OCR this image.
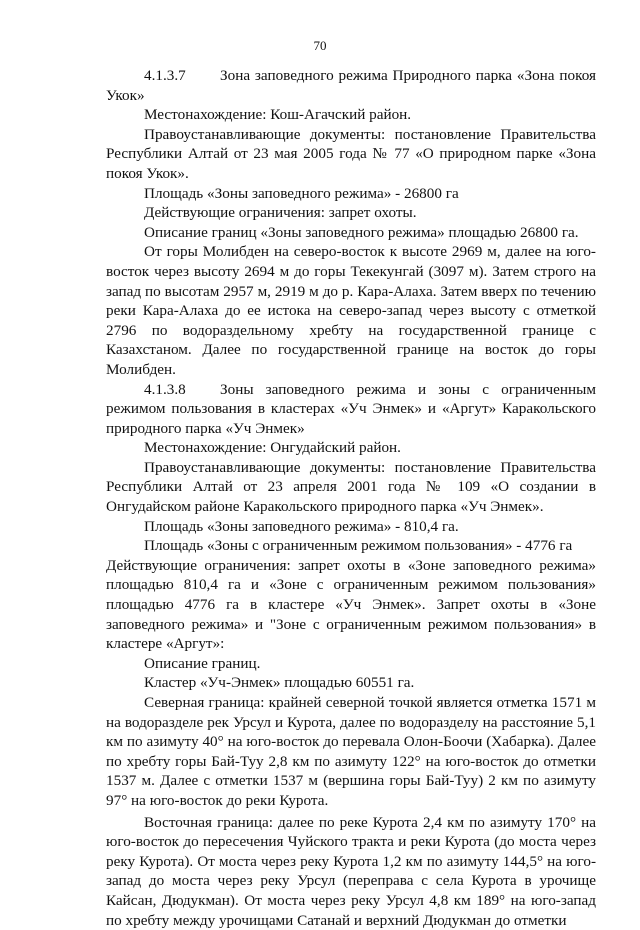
70

4.1.3.7 Зона заповедного режима Природного парка «Зона покоя Укок»

Местонахождение: Кош-Агачский район.

Правоустанавливающие документы: постановление Правительства Республики Алтай от 23 мая 2005 года № 77 «О природном парке «Зона покоя Укок».

Площадь «Зоны заповедного режима» - 26800 га

Действующие ограничения: запрет охоты.

Описание границ «Зоны заповедного режима» площадью 26800 га.

От горы Молибден на северо-восток к высоте 2969 м, далее на юго-восток через высоту 2694 м до горы Текекунгай (3097 м). Затем строго на запад по высотам 2957 м, 2919 м до р. Кара-Алаха. Затем вверх по течению реки Кара-Алаха до ее истока на северо-запад через высоту с отметкой 2796 по водораздельному хребту на государственной границе с Казахстаном. Далее по государственной границе на восток до горы Молибден.

4.1.3.8 Зоны заповедного режима и зоны с ограниченным режимом пользования в кластерах «Уч Энмек» и «Аргут» Каракольского природного парка «Уч Энмек»

Местонахождение: Онгудайский район.

Правоустанавливающие документы: постановление Правительства Республики Алтай от 23 апреля 2001 года № 109 «О создании в Онгудайском районе Каракольского природного парка «Уч Энмек».

Площадь «Зоны заповедного режима» - 810,4 га.

Площадь «Зоны с ограниченным режимом пользования» - 4776 га

Действующие ограничения: запрет охоты в «Зоне заповедного режима» площадью 810,4 га и «Зоне с ограниченным режимом пользования» площадью 4776 га в кластере «Уч Энмек». Запрет охоты в «Зоне заповедного режима» и "Зоне с ограниченным режимом пользования» в кластере «Аргут»:

Описание границ.

Кластер «Уч-Энмек» площадью 60551 га.

Северная граница: крайней северной точкой является отметка 1571 м на водоразделе рек Урсул и Курота, далее по водоразделу на расстояние 5,1 км по азимуту 40° на юго-восток до перевала Олон-Боочи (Хабарка). Далее по хребту горы Бай-Туу 2,8 км по азимуту 122° на юго-восток до отметки 1537 м. Далее с отметки 1537 м (вершина горы Бай-Туу) 2 км по азимуту 97° на юго-восток до реки Курота.

Восточная граница: далее по реке Курота 2,4 км по азимуту 170° на юго-восток до пересечения Чуйского тракта и реки Курота (до моста через реку Курота). От моста через реку Курота 1,2 км по азимуту 144,5° на юго-запад до моста через реку Урсул (переправа с села Курота в урочище Кайсан, Дюдукман). От моста через реку Урсул 4,8 км 189° на юго-запад по хребту между урочищами Сатанай и верхний Дюдукман до отметки
